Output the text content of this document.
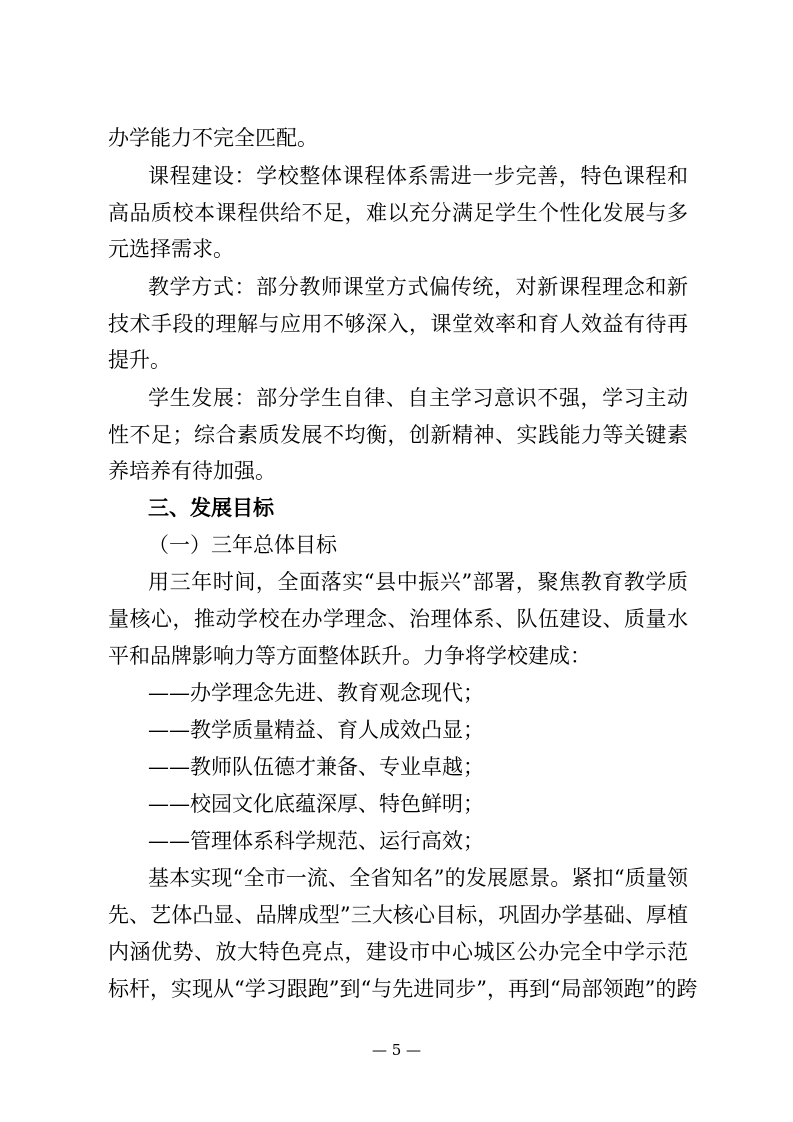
办学能力不完全匹配。
课程建设：学校整体课程体系需进一步完善，特色课程和
高品质校本课程供给不足，难以充分满足学生个性化发展与多
元选择需求。
教学方式：部分教师课堂方式偏传统，对新课程理念和新
技术手段的理解与应用不够深入，课堂效率和育人效益有待再
提升。
学生发展：部分学生自律、自主学习意识不强，学习主动
性不足；综合素质发展不均衡，创新精神、实践能力等关键素
养培养有待加强。
三、发展目标
（一）三年总体目标
用三年时间，全面落实“县中振兴”部署，聚焦教育教学质
量核心，推动学校在办学理念、治理体系、队伍建设、质量水
平和品牌影响力等方面整体跃升。力争将学校建成：
——办学理念先进、教育观念现代；
——教学质量精益、育人成效凸显；
——教师队伍德才兼备、专业卓越；
——校园文化底蕴深厚、特色鲜明；
——管理体系科学规范、运行高效；
基本实现“全市一流、全省知名”的发展愿景。紧扣“质量领
先、艺体凸显、品牌成型”三大核心目标，巩固办学基础、厚植
内涵优势、放大特色亮点，建设市中心城区公办完全中学示范
标杆，实现从“学习跟跑”到“与先进同步”，再到“局部领跑”的跨
— 5 —
